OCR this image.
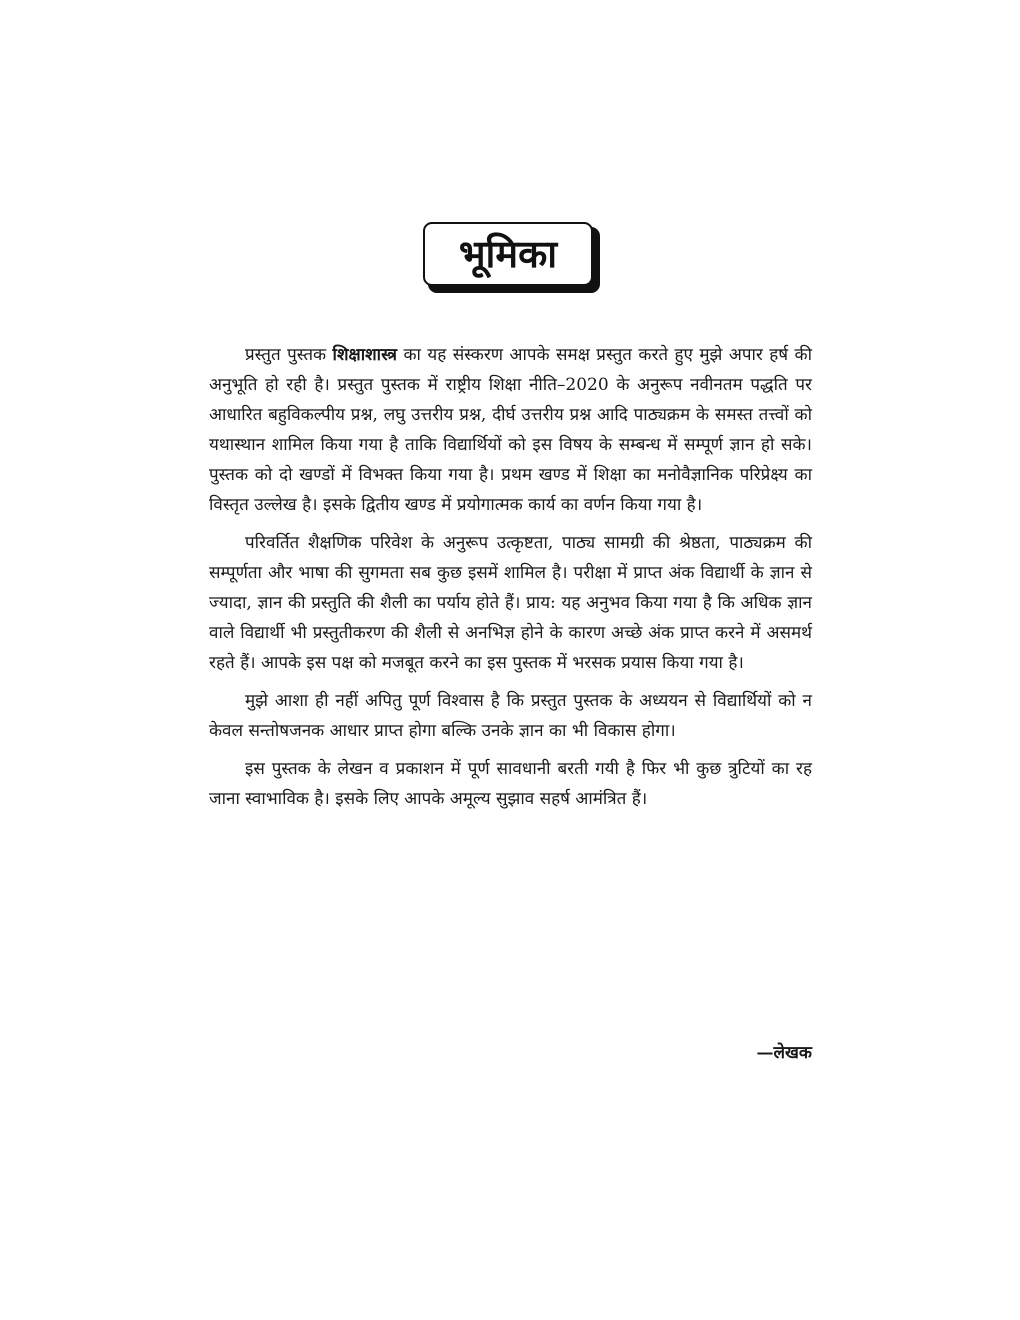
भूमिका

प्रस्तुत पुस्तक शिक्षाशास्त्र का यह संस्करण आपके समक्ष प्रस्तुत करते हुए मुझे अपार हर्ष की अनुभूति हो रही है। प्रस्तुत पुस्तक में राष्ट्रीय शिक्षा नीति–2020 के अनुरूप नवीनतम पद्धति पर आधारित बहुविकल्पीय प्रश्न, लघु उत्तरीय प्रश्न, दीर्घ उत्तरीय प्रश्न आदि पाठ्यक्रम के समस्त तत्त्वों को यथास्थान शामिल किया गया है ताकि विद्यार्थियों को इस विषय के सम्बन्ध में सम्पूर्ण ज्ञान हो सके। पुस्तक को दो खण्डों में विभक्त किया गया है। प्रथम खण्ड में शिक्षा का मनोवैज्ञानिक परिप्रेक्ष्य का विस्तृत उल्लेख है। इसके द्वितीय खण्ड में प्रयोगात्मक कार्य का वर्णन किया गया है।

परिवर्तित शैक्षणिक परिवेश के अनुरूप उत्कृष्टता, पाठ्य सामग्री की श्रेष्ठता, पाठ्यक्रम की सम्पूर्णता और भाषा की सुगमता सब कुछ इसमें शामिल है। परीक्षा में प्राप्त अंक विद्यार्थी के ज्ञान से ज्यादा, ज्ञान की प्रस्तुति की शैली का पर्याय होते हैं। प्राय: यह अनुभव किया गया है कि अधिक ज्ञान वाले विद्यार्थी भी प्रस्तुतीकरण की शैली से अनभिज्ञ होने के कारण अच्छे अंक प्राप्त करने में असमर्थ रहते हैं। आपके इस पक्ष को मजबूत करने का इस पुस्तक में भरसक प्रयास किया गया है।

मुझे आशा ही नहीं अपितु पूर्ण विश्वास है कि प्रस्तुत पुस्तक के अध्ययन से विद्यार्थियों को न केवल सन्तोषजनक आधार प्राप्त होगा बल्कि उनके ज्ञान का भी विकास होगा।

इस पुस्तक के लेखन व प्रकाशन में पूर्ण सावधानी बरती गयी है फिर भी कुछ त्रुटियों का रह जाना स्वाभाविक है। इसके लिए आपके अमूल्य सुझाव सहर्ष आमंत्रित हैं।

—लेखक
